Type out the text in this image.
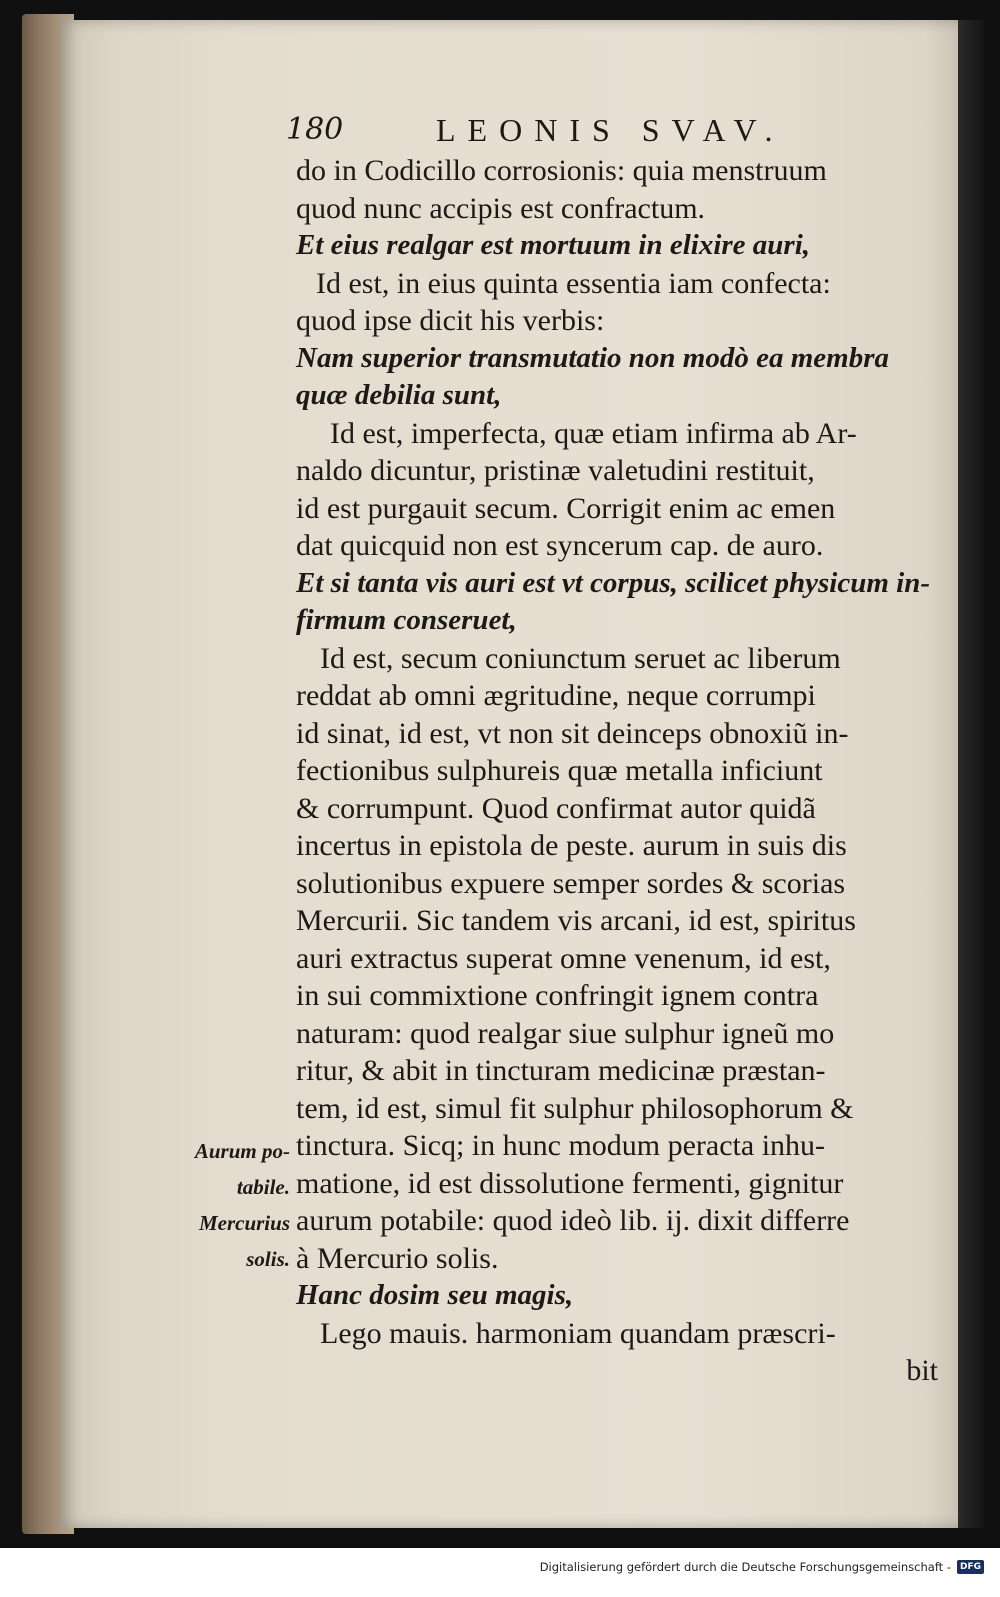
180	LEONIS SVAV.
do in Codicillo corrosionis: quia menstruum
quod nunc accipis est confractum.
Et eius realgar est mortuum in elixire auri,
Id est, in eius quinta essentia iam confecta:
quod ipse dicit his verbis:
Nam superior transmutatio non modò ea membra
quæ debilia sunt,
Id est, imperfecta, quæ etiam infirma ab Ar-
naldo dicuntur, pristinæ valetudini restituit,
id est purgauit secum. Corrigit enim ac emen
dat quicquid non est syncerum cap. de auro.
Et si tanta vis auri est vt corpus, scilicet physicum in-
firmum conseruet,
Id est, secum coniunctum seruet ac liberum
reddat ab omni ægritudine, neque corrumpi
id sinat, id est, vt non sit deinceps obnoxiũ in-
fectionibus sulphureis quæ metalla inficiunt
& corrumpunt. Quod confirmat autor quidã
incertus in epistola de peste. aurum in suis dis
solutionibus expuere semper sordes & scorias
Mercurii. Sic tandem vis arcani, id est, spiritus
auri extractus superat omne venenum, id est,
in sui commixtione confringit ignem contra
naturam: quod realgar siue sulphur igneũ mo
ritur, & abit in tincturam medicinæ præstan-
tem, id est, simul fit sulphur philosophorum &
tinctura. Sicq; in hunc modum peracta inhu-
matione, id est dissolutione fermenti, gignitur
aurum potabile: quod ideò lib. ij. dixit differre
à Mercurio solis.
Hanc dosim seu magis,
Lego mauis. harmoniam quandam præscri-
bit
Aurum po-
tabile.
Mercurius
solis.
Digitalisierung gefördert durch die Deutsche Forschungsgemeinschaft -	DFG
